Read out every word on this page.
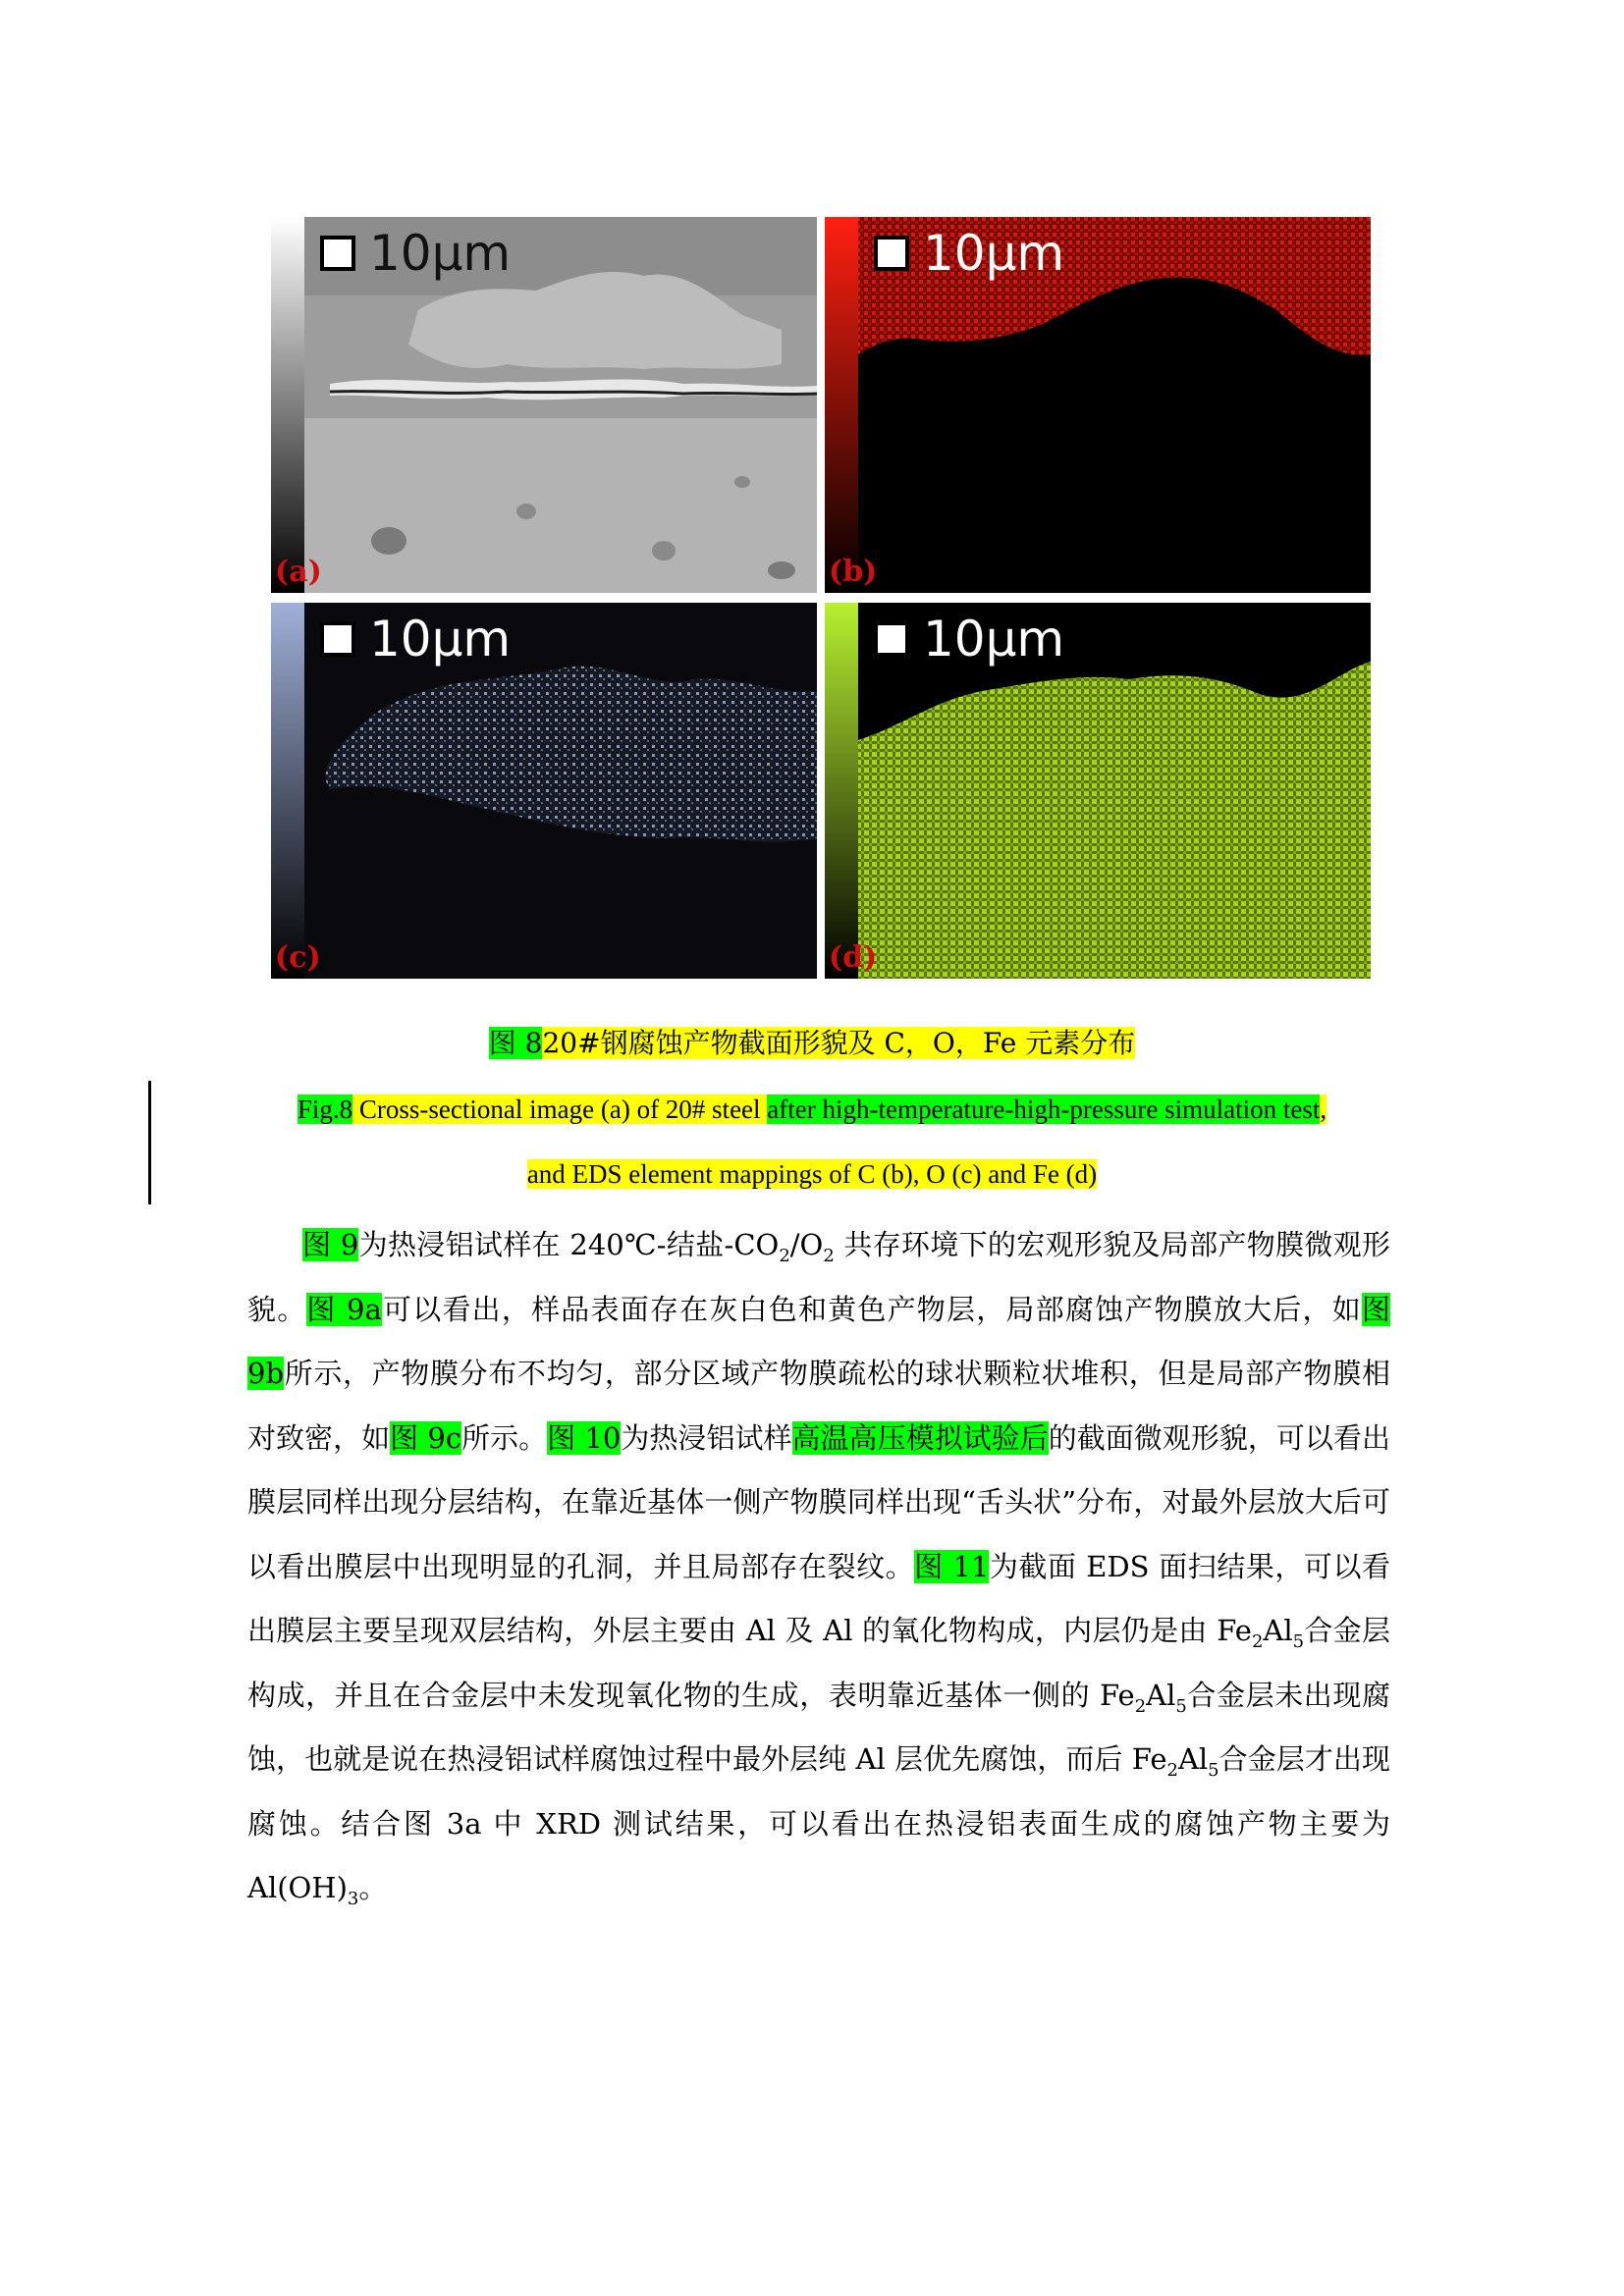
10μm
(a)
10μm
(b)
10μm
(c)
10μm
(d)
图 820#钢腐蚀产物截面形貌及 C，O，Fe 元素分布
Fig.8 Cross-sectional image (a) of 20# steel after high-temperature-high-pressure simulation test,
and EDS element mappings of C (b), O (c) and Fe (d)

图 9为热浸铝试样在 240℃-结盐$-CO_2/O_2$ 共存环境下的宏观形貌及局部产物膜微观形貌。图 9a可以看出，样品表面存在灰白色和黄色产物层，局部腐蚀产物膜放大后，如图 9b所示，产物膜分布不均匀，部分区域产物膜疏松的球状颗粒状堆积，但是局部产物膜相对致密，如图 9c所示。图 10为热浸铝试样高温高压模拟试验后的截面微观形貌，可以看出膜层同样出现分层结构，在靠近基体一侧产物膜同样出现“舌头状”分布，对最外层放大后可以看出膜层中出现明显的孔洞，并且局部存在裂纹。图 11为截面 EDS 面扫结果，可以看出膜层主要呈现双层结构，外层主要由 Al 及 Al 的氧化物构成，内层仍是由 $Fe_2Al_5$合金层构成，并且在合金层中未发现氧化物的生成，表明靠近基体一侧的 $Fe_2Al_5$合金层未出现腐蚀，也就是说在热浸铝试样腐蚀过程中最外层纯 Al 层优先腐蚀，而后 $Fe_2Al_5$合金层才出现腐蚀。结合图 3a 中 XRD 测试结果，可以看出在热浸铝表面生成的腐蚀产物主要为 $Al(OH)_3$。
